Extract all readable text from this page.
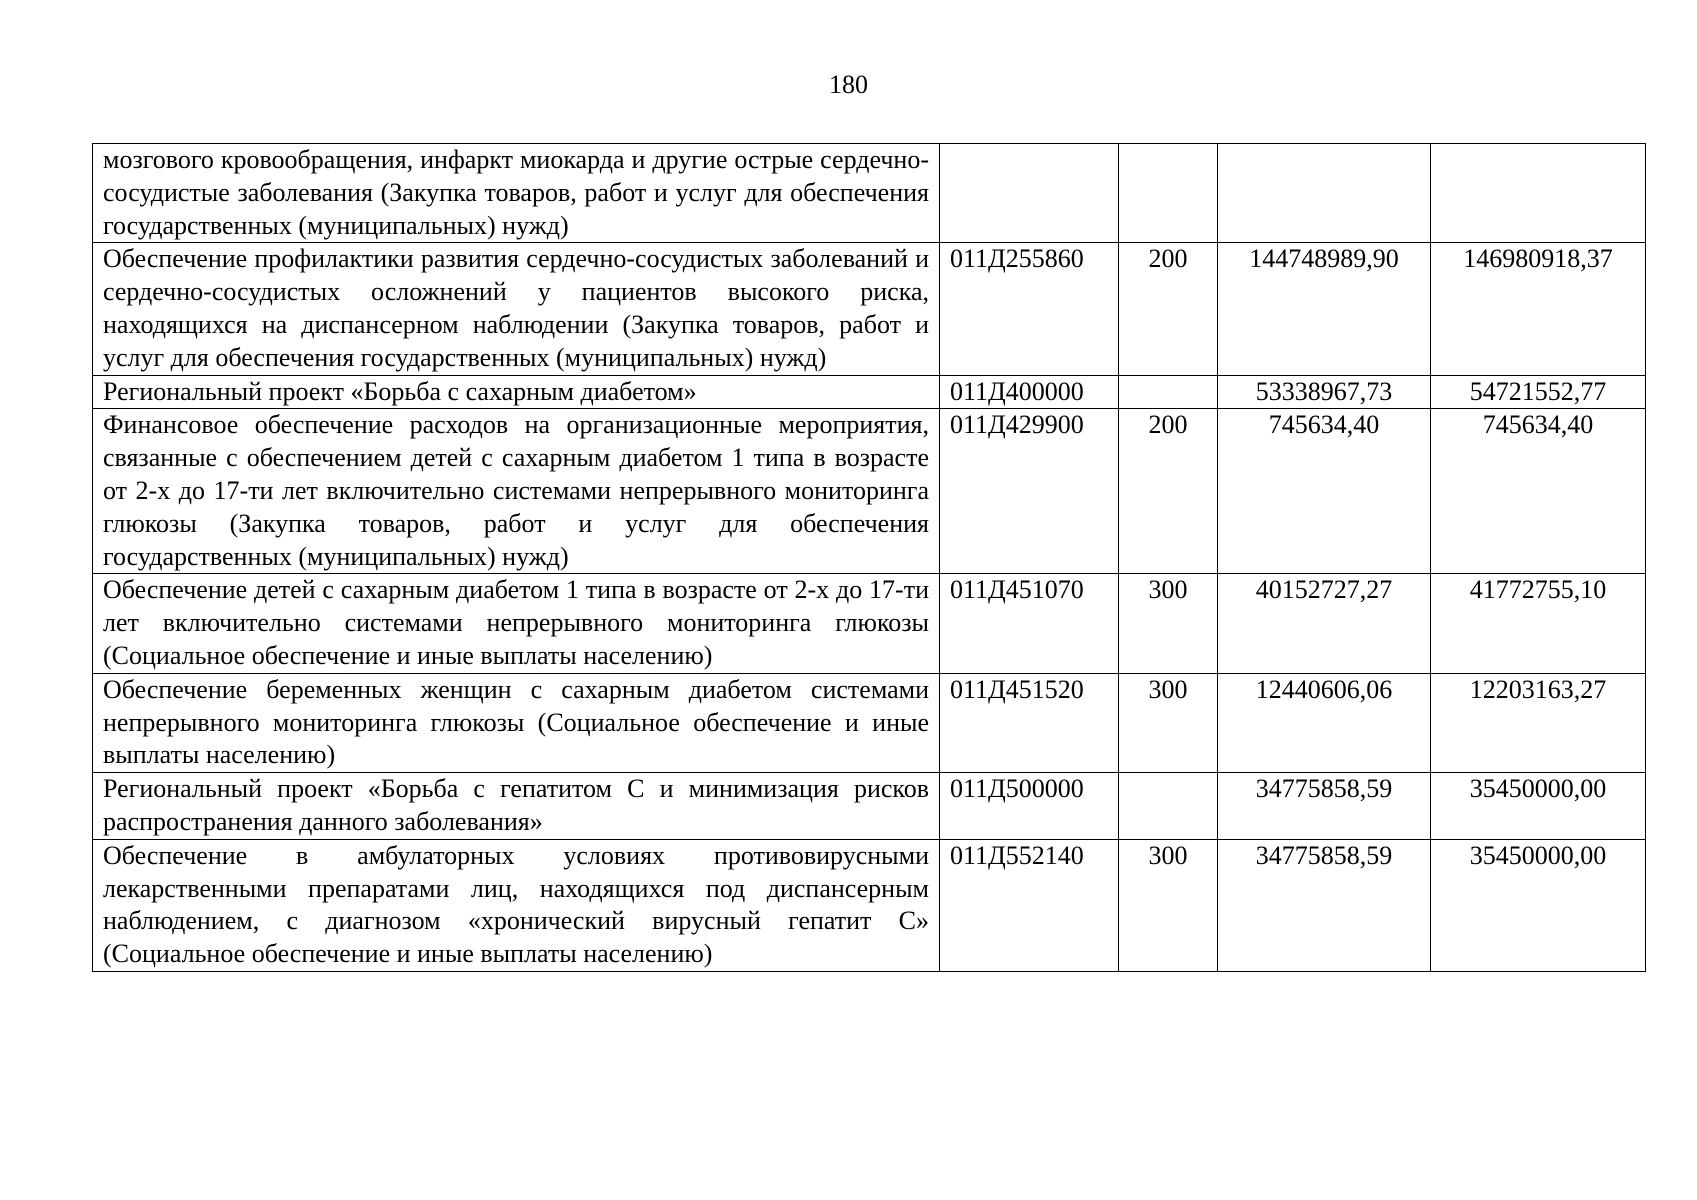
180
мозгового кровообращения, инфаркт миокарда и другие острые сердечно-сосудистые заболевания (Закупка товаров, работ и услуг для обеспечения государственных (муниципальных) нужд)				
Обеспечение профилактики развития сердечно-сосудистых заболеваний и сердечно-сосудистых осложнений у пациентов высокого риска, находящихся на диспансерном наблюдении (Закупка товаров, работ и услуг для обеспечения государственных (муниципальных) нужд)	011Д255860	200	144748989,90	146980918,37
Региональный проект «Борьба с сахарным диабетом»	011Д400000		53338967,73	54721552,77
Финансовое обеспечение расходов на организационные мероприятия, связанные с обеспечением детей с сахарным диабетом 1 типа в возрасте от 2-х до 17-ти лет включительно системами непрерывного мониторинга глюкозы (Закупка товаров, работ и услуг для обеспечения государственных (муниципальных) нужд)	011Д429900	200	745634,40	745634,40
Обеспечение детей с сахарным диабетом 1 типа в возрасте от 2-х до 17-ти лет включительно системами непрерывного мониторинга глюкозы (Социальное обеспечение и иные выплаты населению)	011Д451070	300	40152727,27	41772755,10
Обеспечение беременных женщин с сахарным диабетом системами непрерывного мониторинга глюкозы (Социальное обеспечение и иные выплаты населению)	011Д451520	300	12440606,06	12203163,27
Региональный проект «Борьба с гепатитом С и минимизация рисков распространения данного заболевания»	011Д500000		34775858,59	35450000,00
Обеспечение в амбулаторных условиях противовирусными лекарственными препаратами лиц, находящихся под диспансерным наблюдением, с диагнозом «хронический вирусный гепатит С» (Социальное обеспечение и иные выплаты населению)	011Д552140	300	34775858,59	35450000,00
